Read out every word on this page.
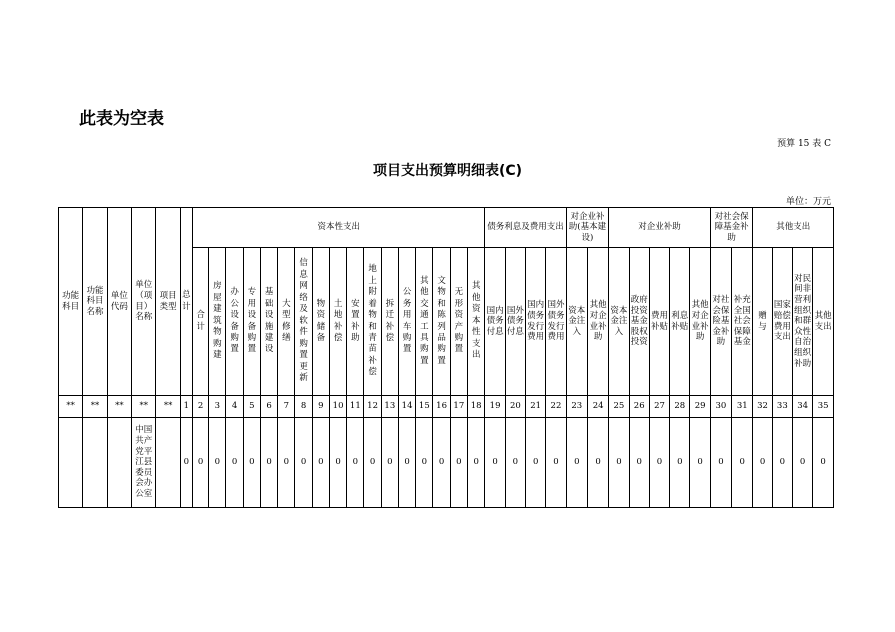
此表为空表
预算 15 表 C
项目支出预算明细表(C)
单位：万元
功能科目	功能科目名称	单位代码	单位（项目）名称	项目类型	总计	资本性支出																	债务利息及费用支出				对企业补助(基本建设)		对企业补助					对社会保障基金补助		其他支出			
						合计	房屋建筑物购建	办公设备购置	专用设备购置	基础设施建设	大型修缮	信息网络及软件购置更新	物资储备	土地补偿	安置补助	地上附着物和青苗补偿	拆迁补偿	公务用车购置	其他交通工具购置	文物和陈列品购置	无形资产购置	其他资本性支出	国内债务付息	国外债务付息	国内债务发行费用	国外债务发行费用	资本金注入	其他对企业补助	资本金注入	政府投资基金股权投资	费用补贴	利息补贴	其他对企业补助	对社会保险基金补助	补充全国社会保障基金	赠与	国家赔偿费用支出	对民间非营利组织和群众性自治组织补助	其他支出

**	**	**	**	**	1	2	3	4	5	6	7	8	9	10	11	12	13	14	15	16	17	18	19	20	21	22	23	24	25	26	27	28	29	30	31	32	33	34	35

			中国共产党平江县委员会办公室		0	0	0	0	0	0	0	0	0	0	0	0	0	0	0	0	0	0	0	0	0	0	0	0	0	0	0	0	0	0	0	0	0	0	0
